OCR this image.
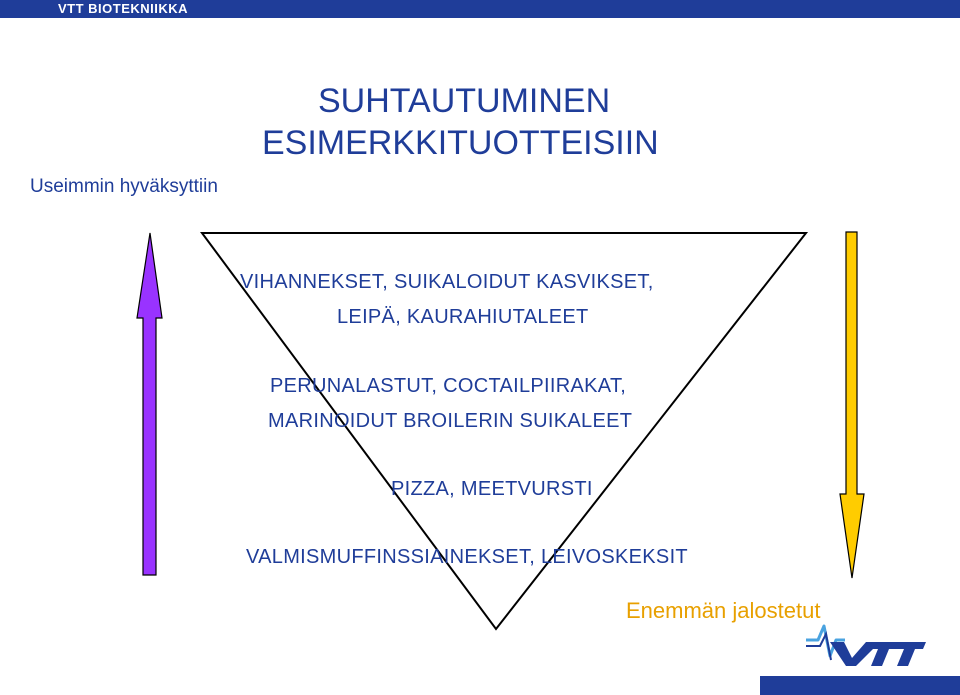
VTT BIOTEKNIIKKA
SUHTAUTUMINEN
ESIMERKKITUOTTEISIIN
Useimmin hyväksyttiin
VIHANNEKSET, SUIKALOIDUT KASVIKSET,
LEIPÄ, KAURAHIUTALEET
PERUNALASTUT, COCTAILPIIRAKAT,
MARINOIDUT BROILERIN SUIKALEET
PIZZA, MEETVURSTI
VALMISMUFFINSSIAINEKSET, LEIVOSKEKSIT
Enemmän jalostetut
